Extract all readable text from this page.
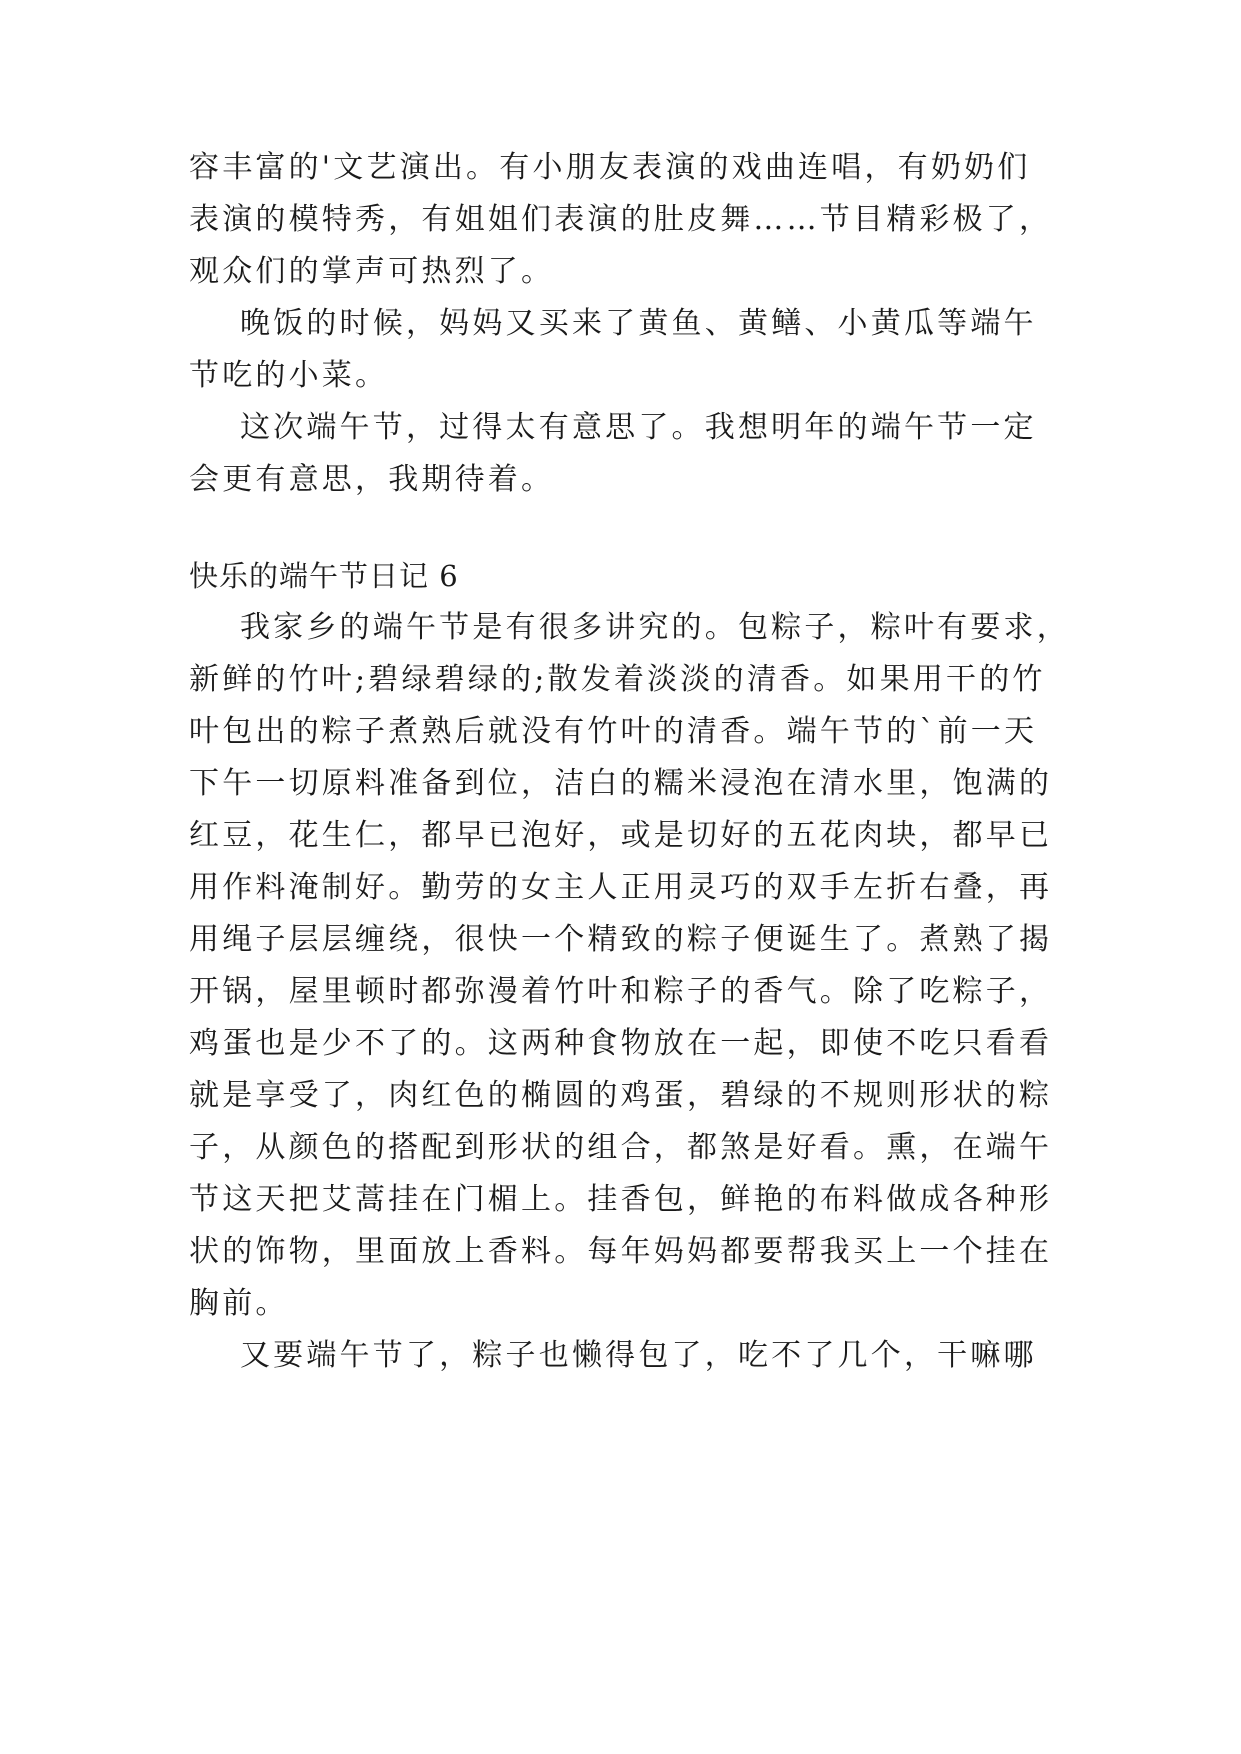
容丰富的'文艺演出。有小朋友表演的戏曲连唱，有奶奶们
表演的模特秀，有姐姐们表演的肚皮舞……节目精彩极了，
观众们的掌声可热烈了。
晚饭的时候，妈妈又买来了黄鱼、黄鳝、小黄瓜等端午
节吃的小菜。
这次端午节，过得太有意思了。我想明年的端午节一定
会更有意思，我期待着。
快乐的端午节日记 6
我家乡的端午节是有很多讲究的。包粽子，粽叶有要求，
新鲜的竹叶;碧绿碧绿的;散发着淡淡的清香。如果用干的竹
叶包出的粽子煮熟后就没有竹叶的清香。端午节的`前一天
下午一切原料准备到位，洁白的糯米浸泡在清水里，饱满的
红豆，花生仁，都早已泡好，或是切好的五花肉块，都早已
用作料淹制好。勤劳的女主人正用灵巧的双手左折右叠，再
用绳子层层缠绕，很快一个精致的粽子便诞生了。煮熟了揭
开锅，屋里顿时都弥漫着竹叶和粽子的香气。除了吃粽子，
鸡蛋也是少不了的。这两种食物放在一起，即使不吃只看看
就是享受了，肉红色的椭圆的鸡蛋，碧绿的不规则形状的粽
子，从颜色的搭配到形状的组合，都煞是好看。熏，在端午
节这天把艾蒿挂在门楣上。挂香包，鲜艳的布料做成各种形
状的饰物，里面放上香料。每年妈妈都要帮我买上一个挂在
胸前。
又要端午节了，粽子也懒得包了，吃不了几个，干嘛哪
